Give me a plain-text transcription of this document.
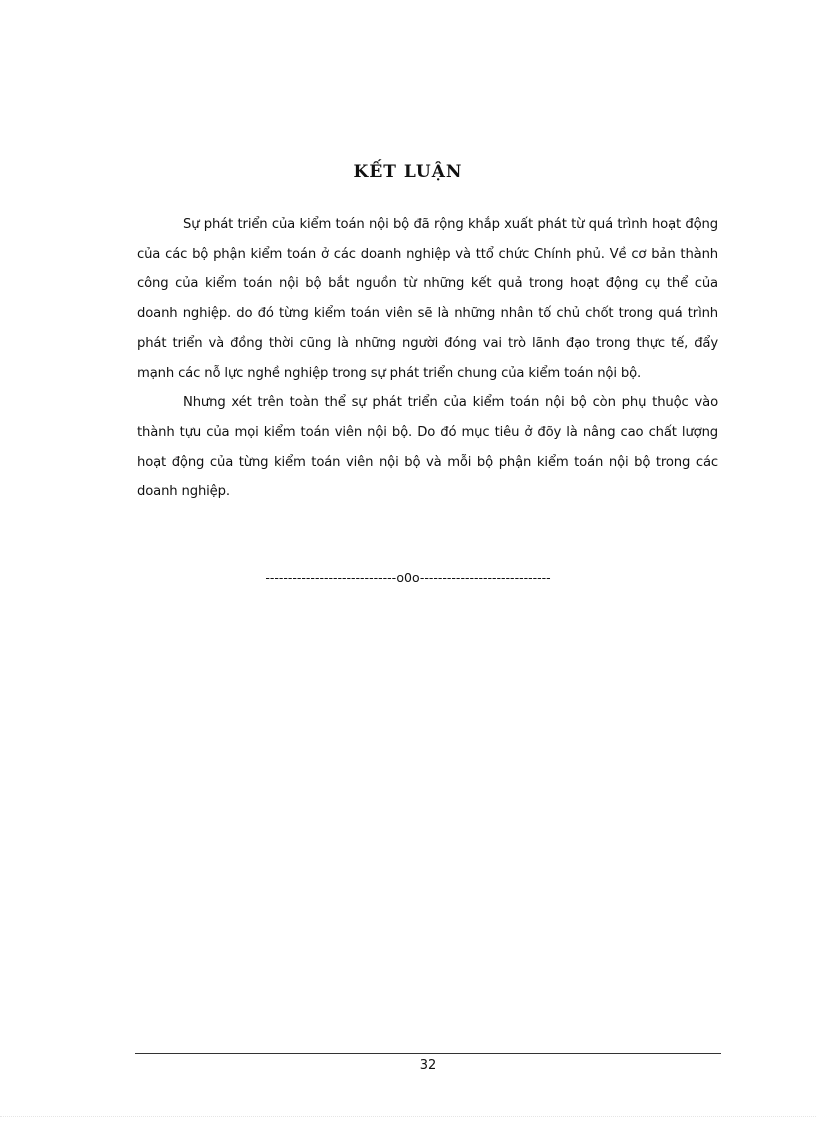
KẾT LUẬN

Sự phát triển của kiểm toán nội bộ đã rộng khắp xuất phát từ quá trình hoạt động của các bộ phận kiểm toán ở các doanh nghiệp và ttổ chức Chính phủ. Về cơ bản thành công của kiểm toán nội bộ bắt nguồn từ những kết quả trong hoạt động cụ thể của doanh nghiệp. do đó từng kiểm toán viên sẽ là những nhân tố chủ chốt trong quá trình phát triển và đồng thời cũng là những người đóng vai trò lãnh đạo trong thực tế, đẩy mạnh các nỗ lực nghề nghiệp trong sự phát triển chung của kiểm toán nội bộ.

Nhưng xét trên toàn thể sự phát triển của kiểm toán nội bộ còn phụ thuộc vào thành tựu của mọi kiểm toán viên nội bộ. Do đó mục tiêu ở đõy là nâng cao chất lượng hoạt động của từng kiểm toán viên nội bộ và mỗi bộ phận kiểm toán nội bộ trong các doanh nghiệp.

-----------------------------o0o-----------------------------
32
